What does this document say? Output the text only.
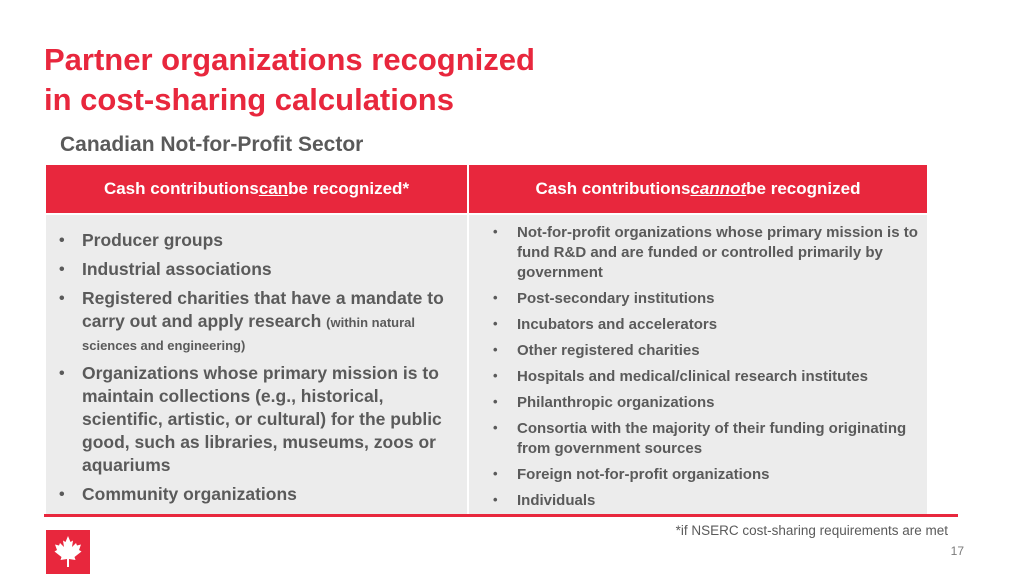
Partner organizations recognized
in cost-sharing calculations
Canadian Not-for-Profit Sector
Cash contributions can be recognized*	Cash contributions cannot be recognized
• Producer groups
• Industrial associations
• Registered charities that have a mandate to carry out and apply research (within natural sciences and engineering)
• Organizations whose primary mission is to maintain collections (e.g., historical, scientific, artistic, or cultural) for the public good, such as libraries, museums, zoos or aquariums
• Community organizations
• Not-for-profit organizations whose primary mission is to fund R&D and are funded or controlled primarily by government
• Post-secondary institutions
• Incubators and accelerators
• Other registered charities
• Hospitals and medical/clinical research institutes
• Philanthropic organizations
• Consortia with the majority of their funding originating from government sources
• Foreign not-for-profit organizations
• Individuals
*if NSERC cost-sharing requirements are met
17
